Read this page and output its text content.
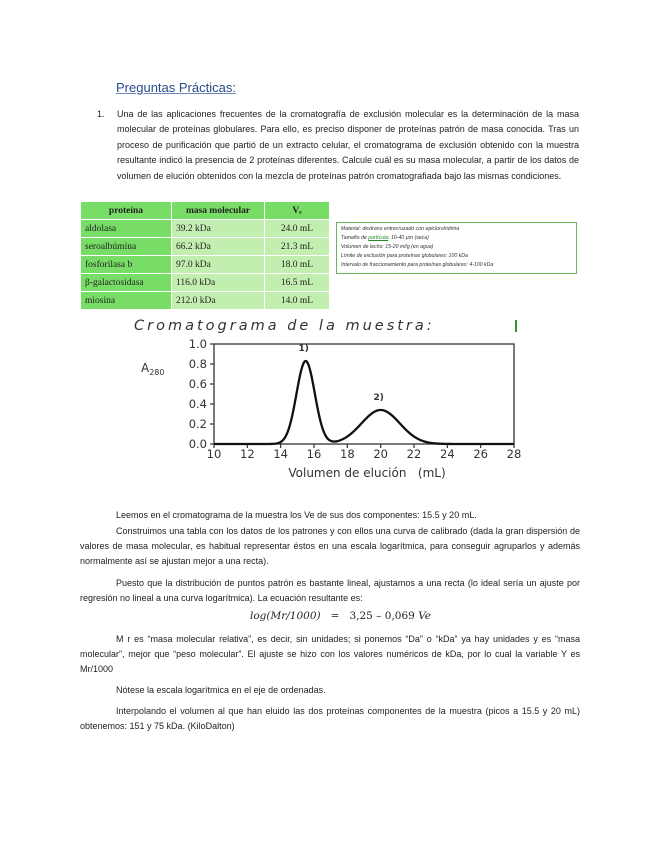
Preguntas Prácticas:
1. Una de las aplicaciones frecuentes de la cromatografía de exclusión molecular es la determinación de la masa molecular de proteínas globulares. Para ello, es preciso disponer de proteínas patrón de masa conocida. Tras un proceso de purificación que partió de un extracto celular, el cromatograma de exclusión obtenido con la muestra resultante indicó la presencia de 2 proteínas diferentes. Calcule cuál es su masa molecular, a partir de los datos de volumen de elución obtenidos con la mezcla de proteínas patrón cromatografiada bajo las mismas condiciones.
proteína	masa molecular	Vₑ
aldolasa	39.2 kDa	24.0 mL
seroalbúmina	66.2 kDa	21.3 mL
fosforilasa b	97.0 kDa	18.0 mL
β-galactosidasa	116.0 kDa	16.5 mL
miosina	212.0 kDa	14.0 mL
Material: dextrano entrecruzado con epiclorohidrina
Tamaño de partícula: 10-40 µm (seca)
Volumen de lecho: 15-20 ml/g (en agua)
Límite de exclusión para proteínas globulares: 100 kDa
Intervalo de fraccionamiento para proteínas globulares: 4-100 kDa
Cromatograma de la muestra:
10 12 14 16 18 20 22 24 26 28
0.0
0.2
0.4
0.6
0.8
1.0	1)
2)
$A_{280}$
Volumen de elución   (mL)
Leemos en el cromatograma de la muestra los Ve de sus dos componentes: 15.5 y 20 mL.
Construimos una tabla con los datos de los patrones y con ellos una curva de calibrado (dada la gran dispersión de valores de masa molecular, es habitual representar éstos en una escala logarítmica, para conseguir agruparlos y además normalmente así se ajustan mejor a una recta).
Puesto que la distribución de puntos patrón es bastante lineal, ajustamos a una recta (lo ideal sería un ajuste por regresión no lineal a una curva logarítmica). La ecuación resultante es:
log(Mr/1000) = 3,25 – 0,069 Ve
M r es “masa molecular relativa”, es decir, sin unidades; si ponemos “Da” o “kDa” ya hay unidades y es “masa molecular”, mejor que “peso molecular”. El ajuste se hizo con los valores numéricos de kDa, por lo cual la variable Y es Mr/1000
Nótese la escala logarítmica en el eje de ordenadas.
Interpolando el volumen al que han eluido las dos proteínas componentes de la muestra (picos a 15.5 y 20 mL) obtenemos: 151 y 75 kDa. (KiloDalton)
